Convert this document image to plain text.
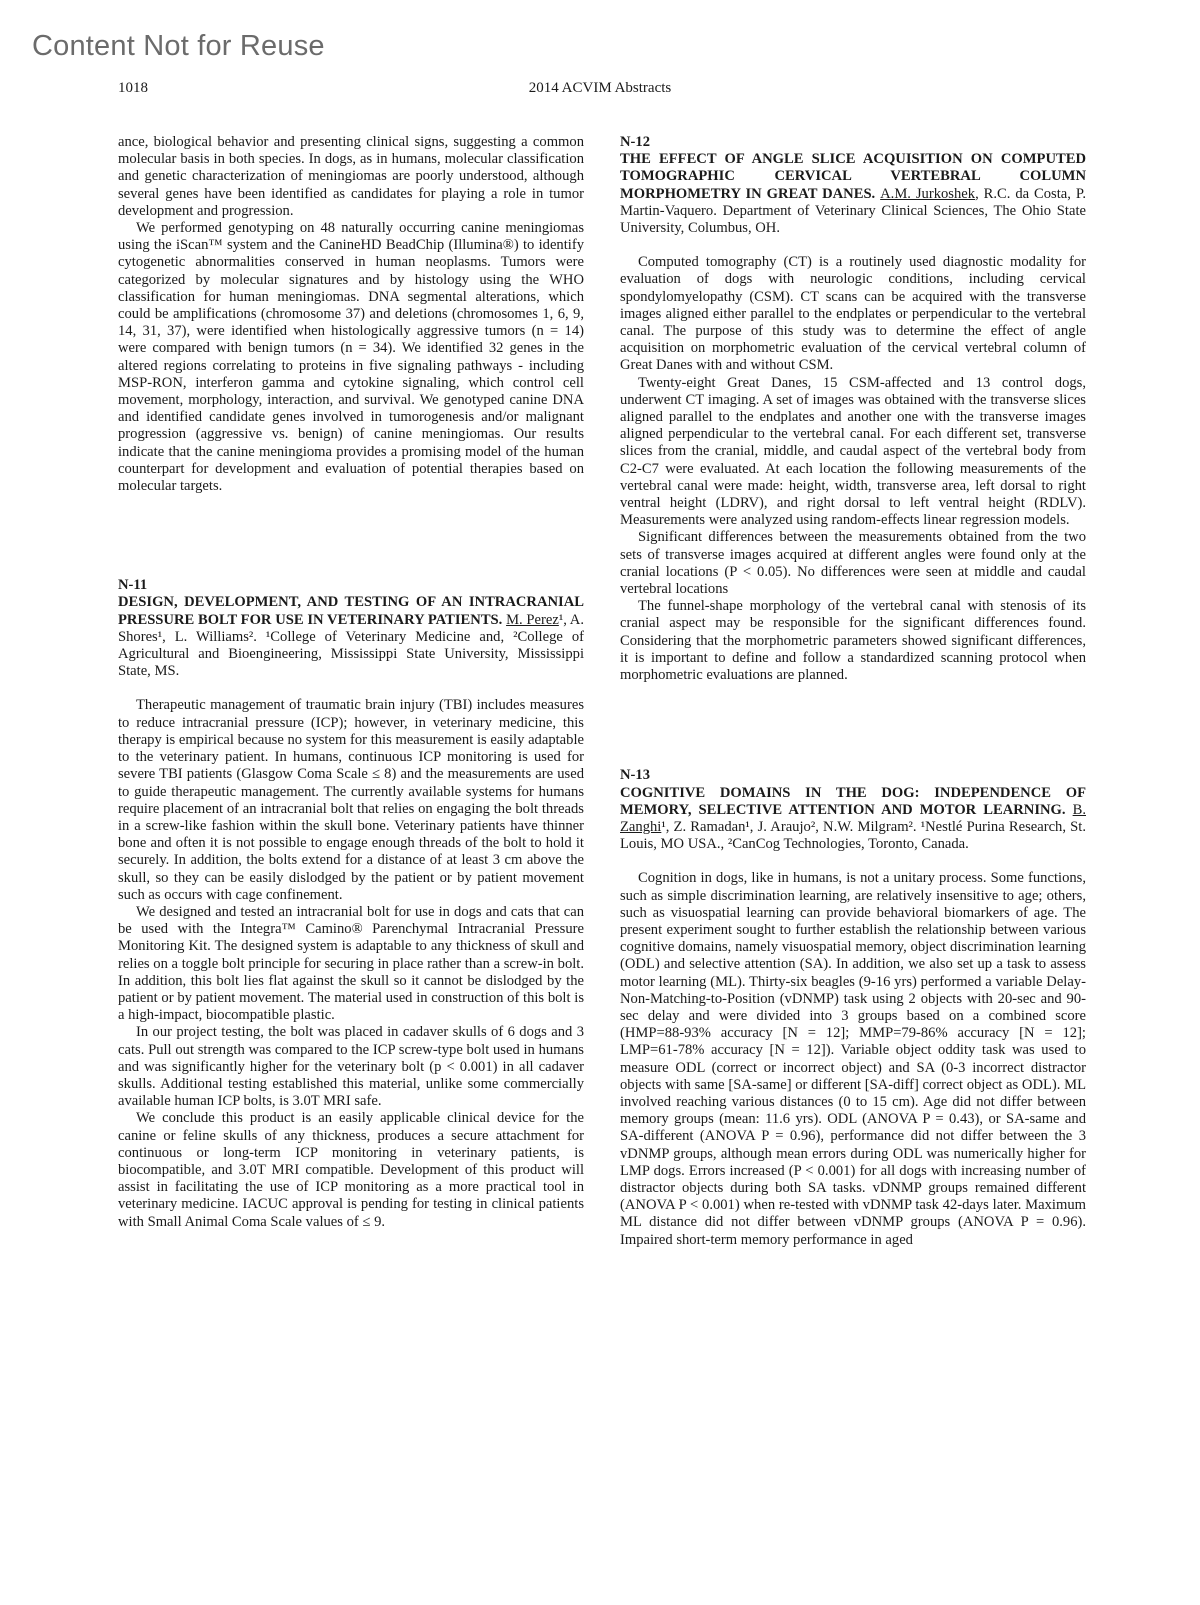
Content Not for Reuse
1018	2014 ACVIM Abstracts

ance, biological behavior and presenting clinical signs, suggesting a common molecular basis in both species. In dogs, as in humans, molecular classification and genetic characterization of meningiomas are poorly understood, although several genes have been identified as candidates for playing a role in tumor development and progression.

We performed genotyping on 48 naturally occurring canine meningiomas using the iScan™ system and the CanineHD BeadChip (Illumina®) to identify cytogenetic abnormalities conserved in human neoplasms. Tumors were categorized by molecular signatures and by histology using the WHO classification for human meningiomas. DNA segmental alterations, which could be amplifications (chromosome 37) and deletions (chromosomes 1, 6, 9, 14, 31, 37), were identified when histologically aggressive tumors (n = 14) were compared with benign tumors (n = 34). We identified 32 genes in the altered regions correlating to proteins in five signaling pathways - including MSP-RON, interferon gamma and cytokine signaling, which control cell movement, morphology, interaction, and survival. We genotyped canine DNA and identified candidate genes involved in tumorogenesis and/or malignant progression (aggressive vs. benign) of canine meningiomas. Our results indicate that the canine meningioma provides a promising model of the human counterpart for development and evaluation of potential therapies based on molecular targets.

N-11
DESIGN, DEVELOPMENT, AND TESTING OF AN INTRACRANIAL PRESSURE BOLT FOR USE IN VETERINARY PATIENTS. M. Perez¹, A. Shores¹, L. Williams². ¹College of Veterinary Medicine and, ²College of Agricultural and Bioengineering, Mississippi State University, Mississippi State, MS.

Therapeutic management of traumatic brain injury (TBI) includes measures to reduce intracranial pressure (ICP); however, in veterinary medicine, this therapy is empirical because no system for this measurement is easily adaptable to the veterinary patient. In humans, continuous ICP monitoring is used for severe TBI patients (Glasgow Coma Scale ≤ 8) and the measurements are used to guide therapeutic management. The currently available systems for humans require placement of an intracranial bolt that relies on engaging the bolt threads in a screw-like fashion within the skull bone. Veterinary patients have thinner bone and often it is not possible to engage enough threads of the bolt to hold it securely. In addition, the bolts extend for a distance of at least 3 cm above the skull, so they can be easily dislodged by the patient or by patient movement such as occurs with cage confinement.

We designed and tested an intracranial bolt for use in dogs and cats that can be used with the Integra™ Camino® Parenchymal Intracranial Pressure Monitoring Kit. The designed system is adaptable to any thickness of skull and relies on a toggle bolt principle for securing in place rather than a screw-in bolt. In addition, this bolt lies flat against the skull so it cannot be dislodged by the patient or by patient movement. The material used in construction of this bolt is a high-impact, biocompatible plastic.

In our project testing, the bolt was placed in cadaver skulls of 6 dogs and 3 cats. Pull out strength was compared to the ICP screw-type bolt used in humans and was significantly higher for the veterinary bolt (p < 0.001) in all cadaver skulls. Additional testing established this material, unlike some commercially available human ICP bolts, is 3.0T MRI safe.

We conclude this product is an easily applicable clinical device for the canine or feline skulls of any thickness, produces a secure attachment for continuous or long-term ICP monitoring in veterinary patients, is biocompatible, and 3.0T MRI compatible. Development of this product will assist in facilitating the use of ICP monitoring as a more practical tool in veterinary medicine. IACUC approval is pending for testing in clinical patients with Small Animal Coma Scale values of ≤ 9.

N-12
THE EFFECT OF ANGLE SLICE ACQUISITION ON COMPUTED TOMOGRAPHIC CERVICAL VERTEBRAL COLUMN MORPHOMETRY IN GREAT DANES. A.M. Jurkoshek, R.C. da Costa, P. Martin-Vaquero. Department of Veterinary Clinical Sciences, The Ohio State University, Columbus, OH.

Computed tomography (CT) is a routinely used diagnostic modality for evaluation of dogs with neurologic conditions, including cervical spondylomyelopathy (CSM). CT scans can be acquired with the transverse images aligned either parallel to the endplates or perpendicular to the vertebral canal. The purpose of this study was to determine the effect of angle acquisition on morphometric evaluation of the cervical vertebral column of Great Danes with and without CSM.

Twenty-eight Great Danes, 15 CSM-affected and 13 control dogs, underwent CT imaging. A set of images was obtained with the transverse slices aligned parallel to the endplates and another one with the transverse images aligned perpendicular to the vertebral canal. For each different set, transverse slices from the cranial, middle, and caudal aspect of the vertebral body from C2-C7 were evaluated. At each location the following measurements of the vertebral canal were made: height, width, transverse area, left dorsal to right ventral height (LDRV), and right dorsal to left ventral height (RDLV). Measurements were analyzed using random-effects linear regression models.

Significant differences between the measurements obtained from the two sets of transverse images acquired at different angles were found only at the cranial locations (P < 0.05). No differences were seen at middle and caudal vertebral locations

The funnel-shape morphology of the vertebral canal with stenosis of its cranial aspect may be responsible for the significant differences found. Considering that the morphometric parameters showed significant differences, it is important to define and follow a standardized scanning protocol when morphometric evaluations are planned.

N-13
COGNITIVE DOMAINS IN THE DOG: INDEPENDENCE OF MEMORY, SELECTIVE ATTENTION AND MOTOR LEARNING. B. Zanghi¹, Z. Ramadan¹, J. Araujo², N.W. Milgram². ¹Nestlé Purina Research, St. Louis, MO USA., ²CanCog Technologies, Toronto, Canada.

Cognition in dogs, like in humans, is not a unitary process. Some functions, such as simple discrimination learning, are relatively insensitive to age; others, such as visuospatial learning can provide behavioral biomarkers of age. The present experiment sought to further establish the relationship between various cognitive domains, namely visuospatial memory, object discrimination learning (ODL) and selective attention (SA). In addition, we also set up a task to assess motor learning (ML). Thirty-six beagles (9-16 yrs) performed a variable Delay-Non-Matching-to-Position (vDNMP) task using 2 objects with 20-sec and 90-sec delay and were divided into 3 groups based on a combined score (HMP=88-93% accuracy [N = 12]; MMP=79-86% accuracy [N = 12]; LMP=61-78% accuracy [N = 12]). Variable object oddity task was used to measure ODL (correct or incorrect object) and SA (0-3 incorrect distractor objects with same [SA-same] or different [SA-diff] correct object as ODL). ML involved reaching various distances (0 to 15 cm). Age did not differ between memory groups (mean: 11.6 yrs). ODL (ANOVA P = 0.43), or SA-same and SA-different (ANOVA P = 0.96), performance did not differ between the 3 vDNMP groups, although mean errors during ODL was numerically higher for LMP dogs. Errors increased (P < 0.001) for all dogs with increasing number of distractor objects during both SA tasks. vDNMP groups remained different (ANOVA P < 0.001) when re-tested with vDNMP task 42-days later. Maximum ML distance did not differ between vDNMP groups (ANOVA P = 0.96). Impaired short-term memory performance in aged
